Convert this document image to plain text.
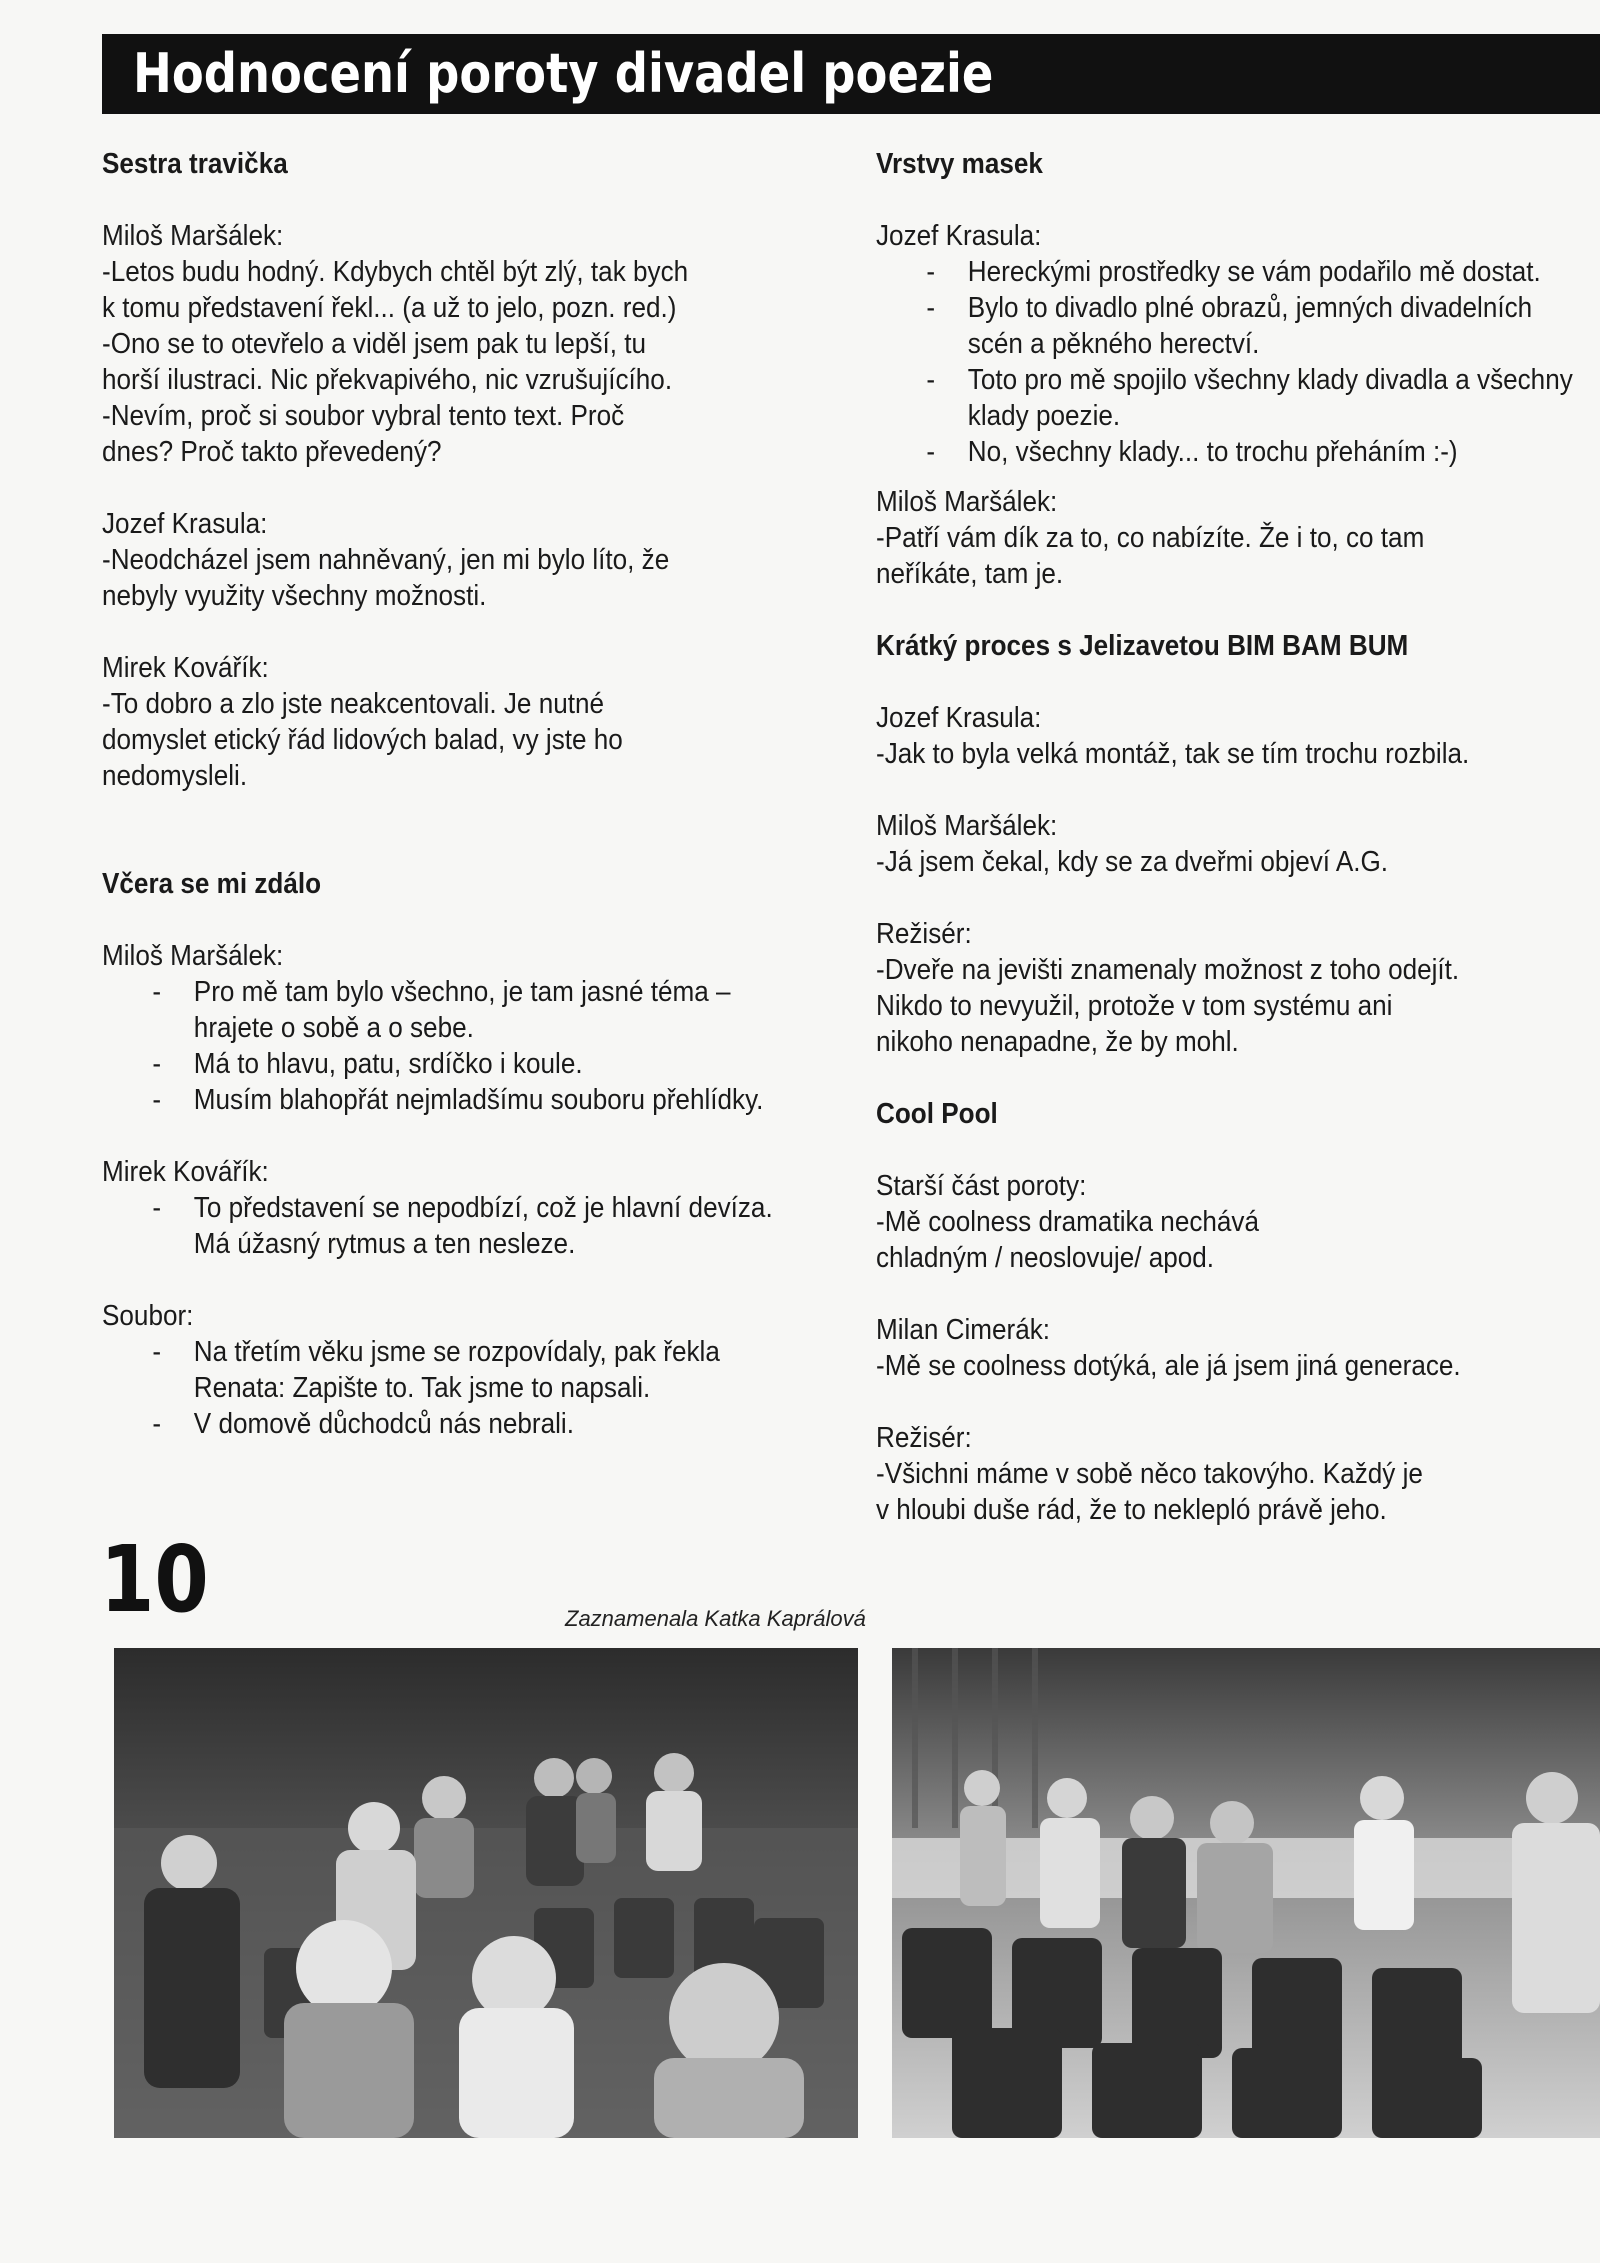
Hodnocení poroty divadel poezie
Sestra travička
Miloš Maršálek:
-Letos budu hodný. Kdybych chtěl být zlý, tak bych
k tomu představení řekl... (a už to jelo, pozn. red.)
-Ono se to otevřelo a viděl jsem pak tu lepší, tu
horší ilustraci. Nic překvapivého, nic vzrušujícího.
-Nevím, proč si soubor vybral tento text. Proč
dnes? Proč takto převedený?
Jozef Krasula:
-Neodcházel jsem nahněvaný, jen mi bylo líto, že
nebyly využity všechny možnosti.
Mirek Kovářík:
-To dobro a zlo jste neakcentovali. Je nutné
domyslet etický řád lidových balad, vy jste ho
nedomysleli.
Včera se mi zdálo
Miloš Maršálek:
- Pro mě tam bylo všechno, je tam jasné téma –
hrajete o sobě a o sebe.
- Má to hlavu, patu, srdíčko i koule.
- Musím blahopřát nejmladšímu souboru přehlídky.
Mirek Kovářík:
- To představení se nepodbízí, což je hlavní devíza.
Má úžasný rytmus a ten nesleze.
Soubor:
- Na třetím věku jsme se rozpovídaly, pak řekla
Renata: Zapište to. Tak jsme to napsali.
- V domově důchodců nás nebrali.
Vrstvy masek
Jozef Krasula:
- Hereckými prostředky se vám podařilo mě dostat.
- Bylo to divadlo plné obrazů, jemných divadelních
scén a pěkného herectví.
- Toto pro mě spojilo všechny klady divadla a všechny
klady poezie.
- No, všechny klady... to trochu přeháním :-)
Miloš Maršálek:
-Patří vám dík za to, co nabízíte. Že i to, co tam
neříkáte, tam je.
Krátký proces s Jelizavetou BIM BAM BUM
Jozef Krasula:
-Jak to byla velká montáž, tak se tím trochu rozbila.
Miloš Maršálek:
-Já jsem čekal, kdy se za dveřmi objeví A.G.
Režisér:
-Dveře na jevišti znamenaly možnost z toho odejít.
Nikdo to nevyužil, protože v tom systému ani
nikoho nenapadne, že by mohl.
Cool Pool
Starší část poroty:
-Mě coolness dramatika nechává
chladným / neoslovuje/ apod.
Milan Cimerák:
-Mě se coolness dotýká, ale já jsem jiná generace.
Režisér:
-Všichni máme v sobě něco takovýho. Každý je
v hloubi duše rád, že to neklepló právě jeho.
10	Zaznamenala Katka Kaprálová
